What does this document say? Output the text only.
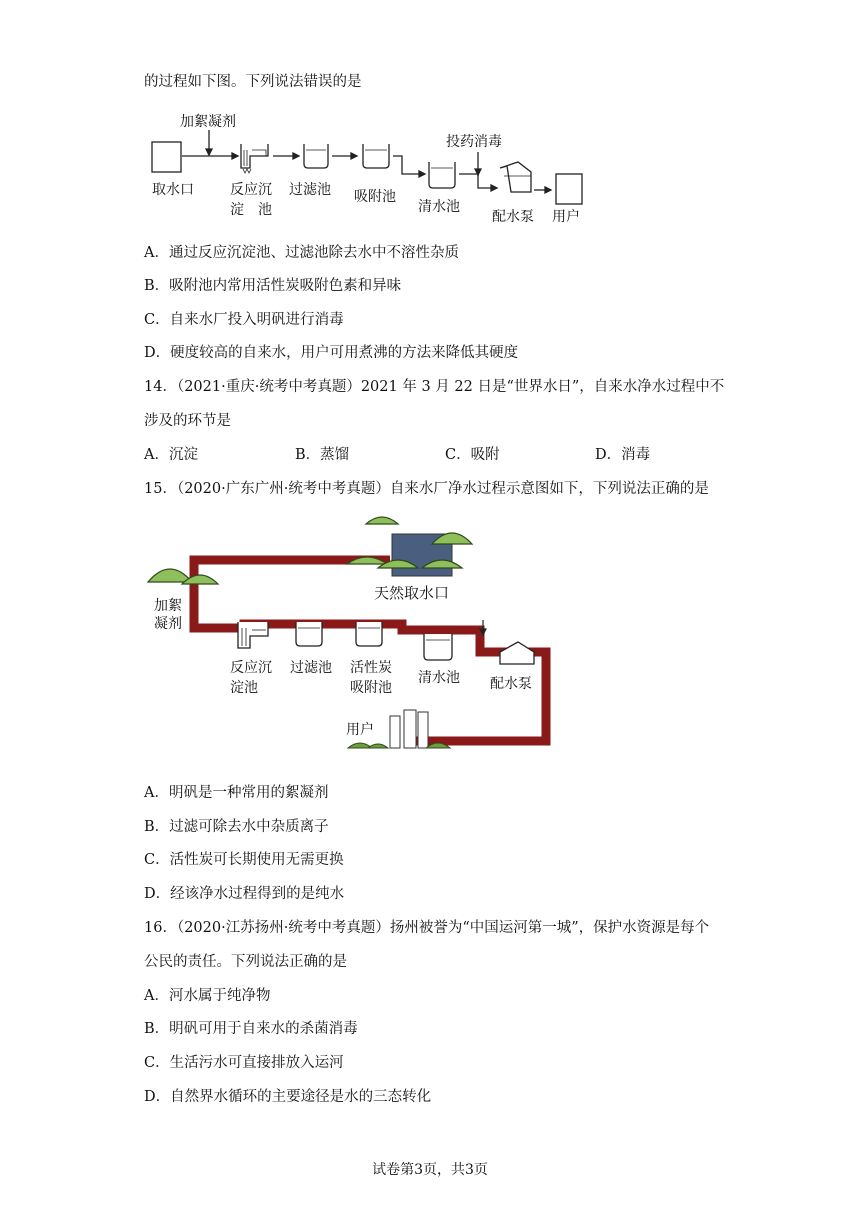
的过程如下图。下列说法错误的是
加絮凝剂
投药消毒
取水口	反应沉
淀　池
过滤池 吸附池
清水池
配水泵 用户
A．通过反应沉淀池、过滤池除去水中不溶性杂质
B．吸附池内常用活性炭吸附色素和异味
C．自来水厂投入明矾进行消毒
D．硬度较高的自来水，用户可用煮沸的方法来降低其硬度
14．（2021·重庆·统考中考真题）2021 年 3 月 22 日是“世界水日”，自来水净水过程中不
涉及的环节是
A．沉淀	B．蒸馏	C．吸附	D．消毒
15．（2020·广东广州·统考中考真题）自来水厂净水过程示意图如下，下列说法正确的是
天然取水口
加絮
凝剂
反应沉
淀池
过滤池 活性炭
吸附池
清水池 配水泵
用户
A．明矾是一种常用的絮凝剂
B．过滤可除去水中杂质离子
C．活性炭可长期使用无需更换
D．经该净水过程得到的是纯水
16．（2020·江苏扬州·统考中考真题）扬州被誉为“中国运河第一城”，保护水资源是每个
公民的责任。下列说法正确的是
A．河水属于纯净物
B．明矾可用于自来水的杀菌消毒
C．生活污水可直接排放入运河
D．自然界水循环的主要途径是水的三态转化
试卷第3页，共3页
